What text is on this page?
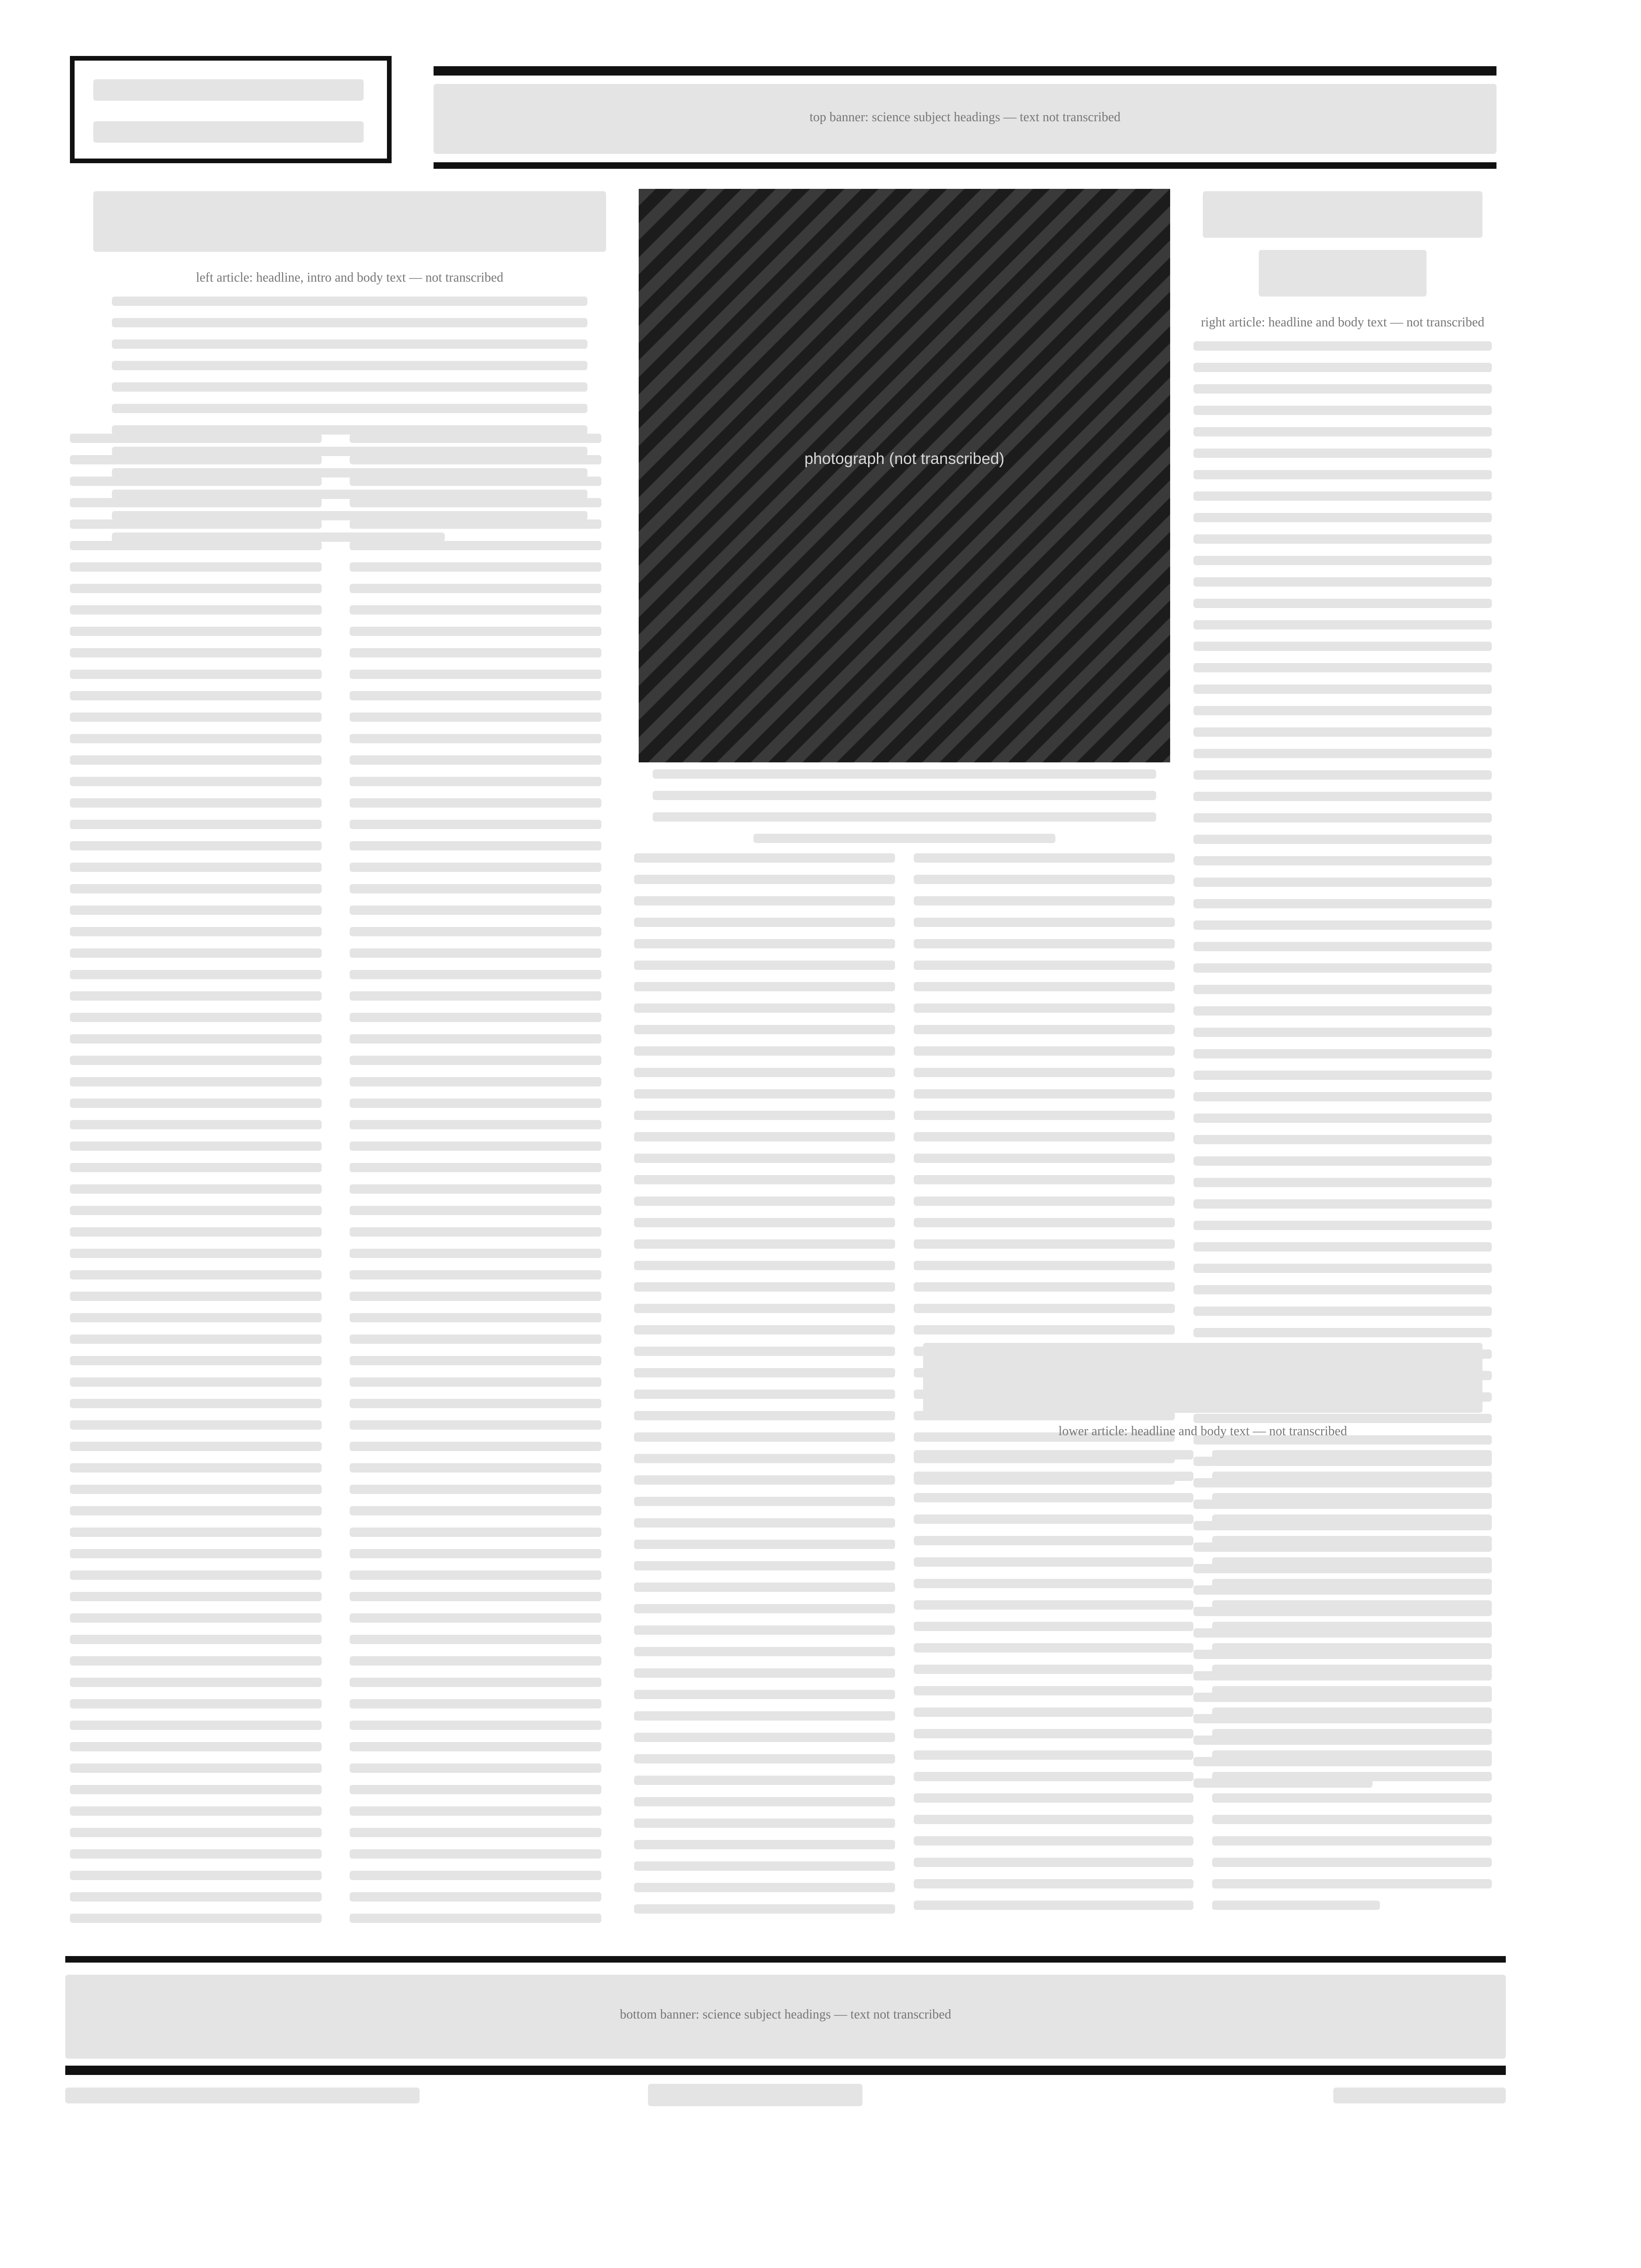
top banner: science subject headings — text not transcribed
left article: headline, intro and body text — not transcribed
photograph (not transcribed)
right article: headline and body text — not transcribed
lower article: headline and body text — not transcribed
bottom banner: science subject headings — text not transcribed
